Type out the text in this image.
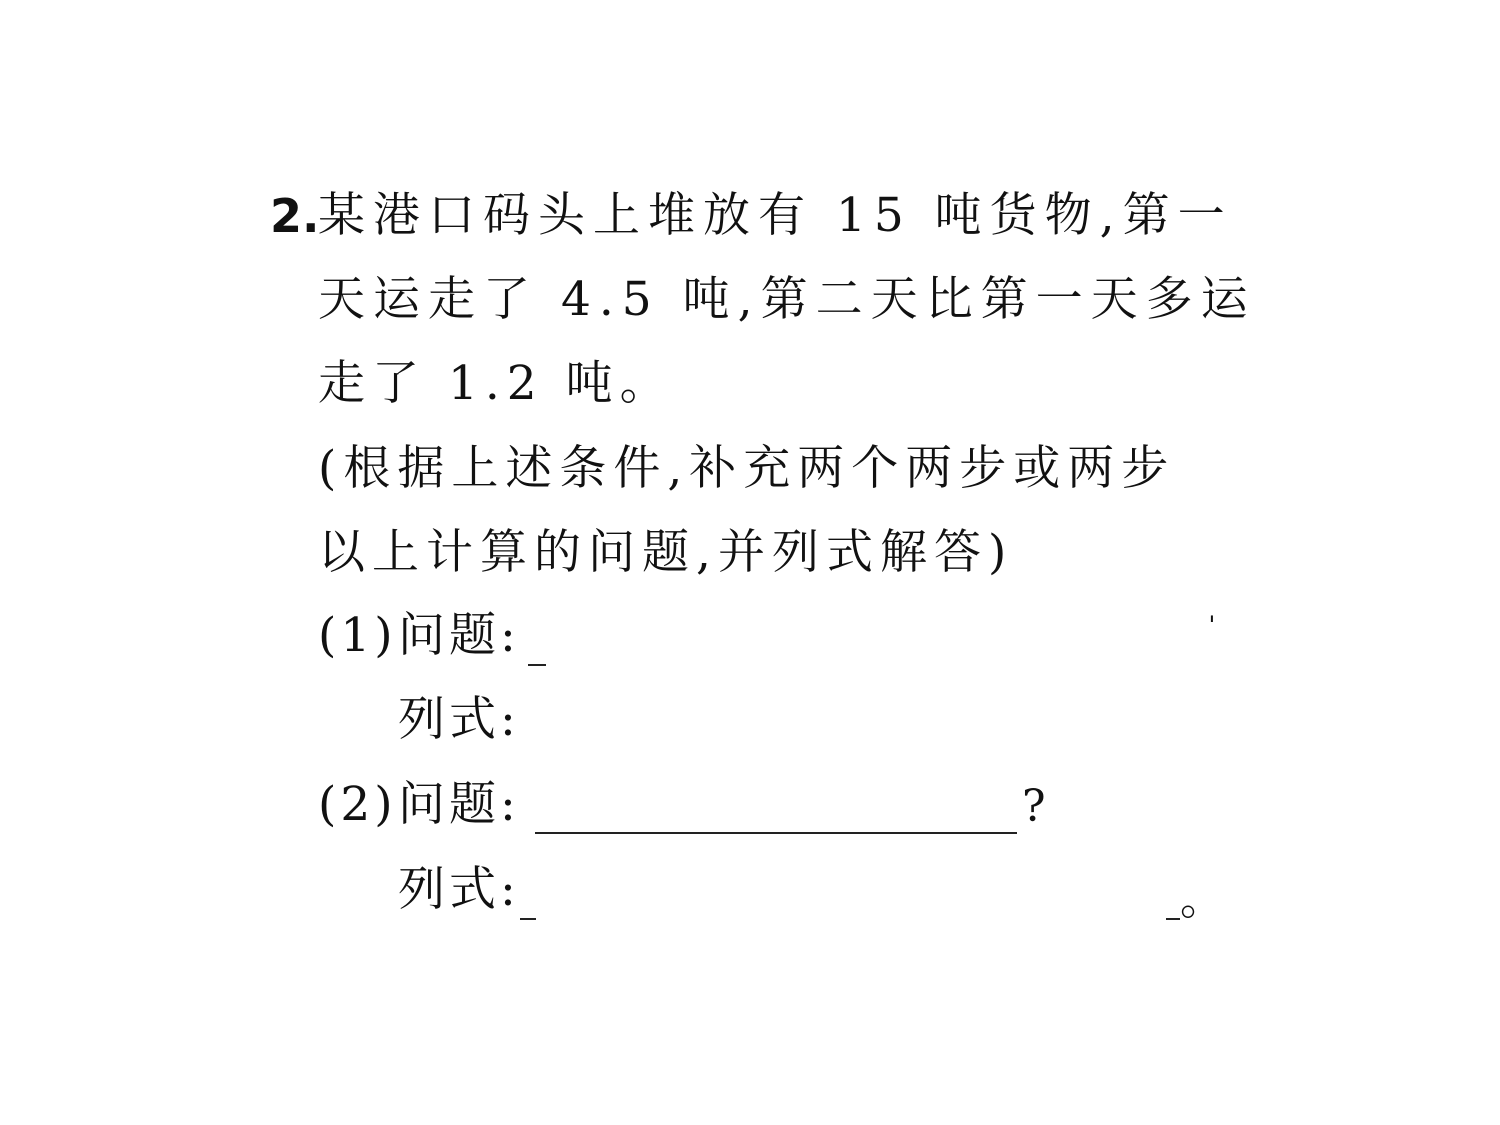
2.
某港口码头上堆放有 15 吨货物,第一
天运走了 4.5 吨,第二天比第一天多运
走了 1.2 吨。
(根据上述条件,补充两个两步或两步
以上计算的问题,并列式解答)
(1) 问题:	ˈ
列式:
(2) 问题:	?
列式:	。
